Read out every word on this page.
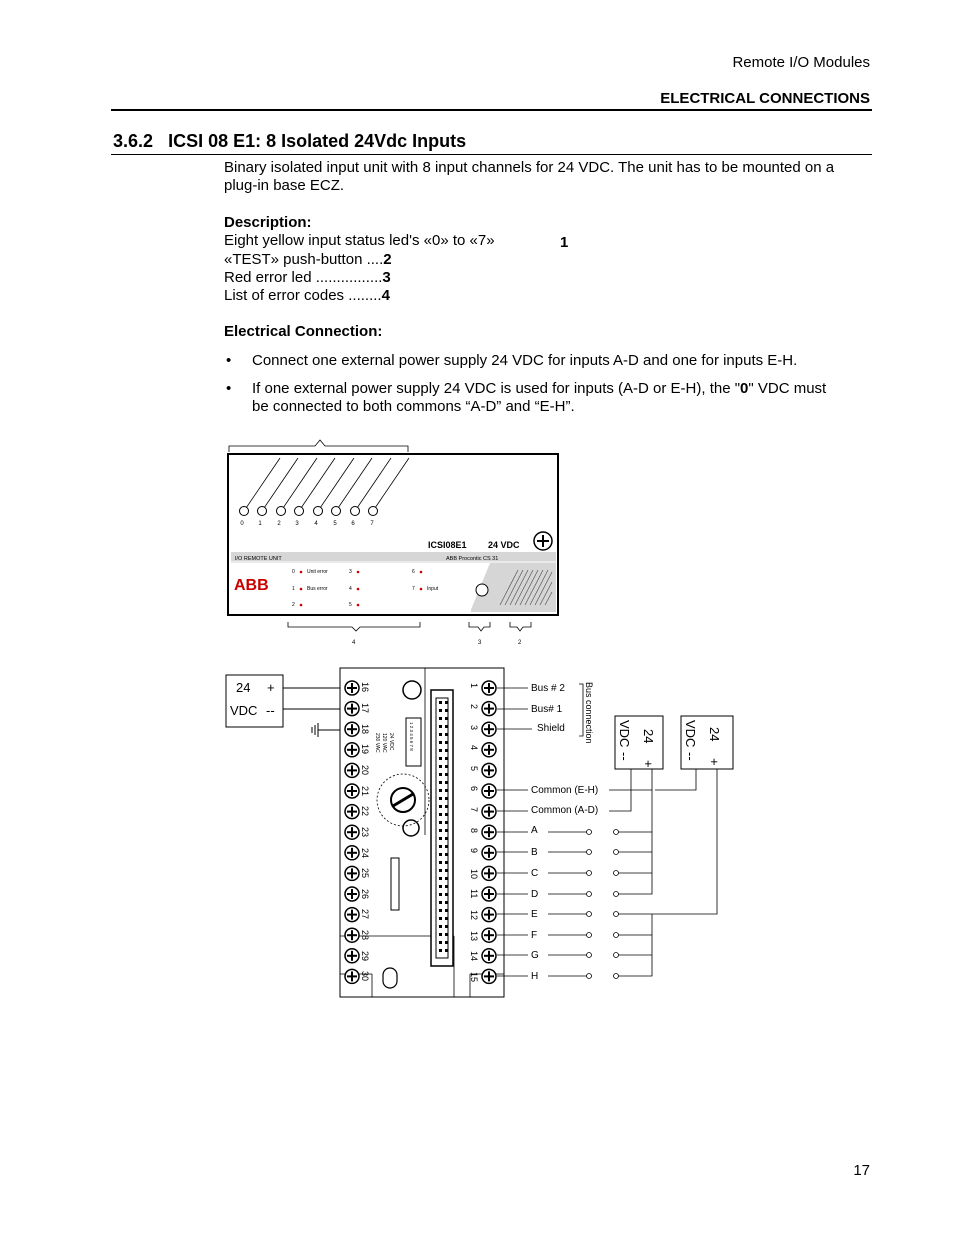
Remote I/O Modules
ELECTRICAL CONNECTIONS
3.6.2 ICSI 08 E1: 8 Isolated 24Vdc Inputs
Binary isolated input unit with 8 input channels for 24 VDC. The unit has to be mounted on a plug-in base ECZ.
Description:
Eight yellow input status led's «0» to «7»	1
«TEST» push-button ....2
Red error led ................3
List of error codes ........4
Electrical Connection:
• Connect one external power supply 24 VDC for inputs A-D and one for inputs E-H.
• If one external power supply 24 VDC is used for inputs (A-D or E-H), the "0" VDC must
be connected to both commons “A-D” and “E-H”.
0 1	2 3	4	5 6	7
ICSI08E1 24 VDC
I/O REMOTE UNIT	ABB Procontic CS 31
ABB
0 Unit error	3	6
1 Bus error	4	7 Input
2	5
4	3	2
24 +
VDC --
24 VDC
120 VAC
230 VAC	1 2 3 4 5 6 7 8
16
17
18
19
20
21
22
23
24
25
26
27
28
29
30
1
2
3
4
5
6
7
8
9
10
11
12
13
14
15
Bus # 2
Bus# 1
Shield
Common (E-H)
Common (A-D)
A
B
C
D
E
F
G
H
Bus connection	24
+
VDC
--
24
+
VDC
--
17
